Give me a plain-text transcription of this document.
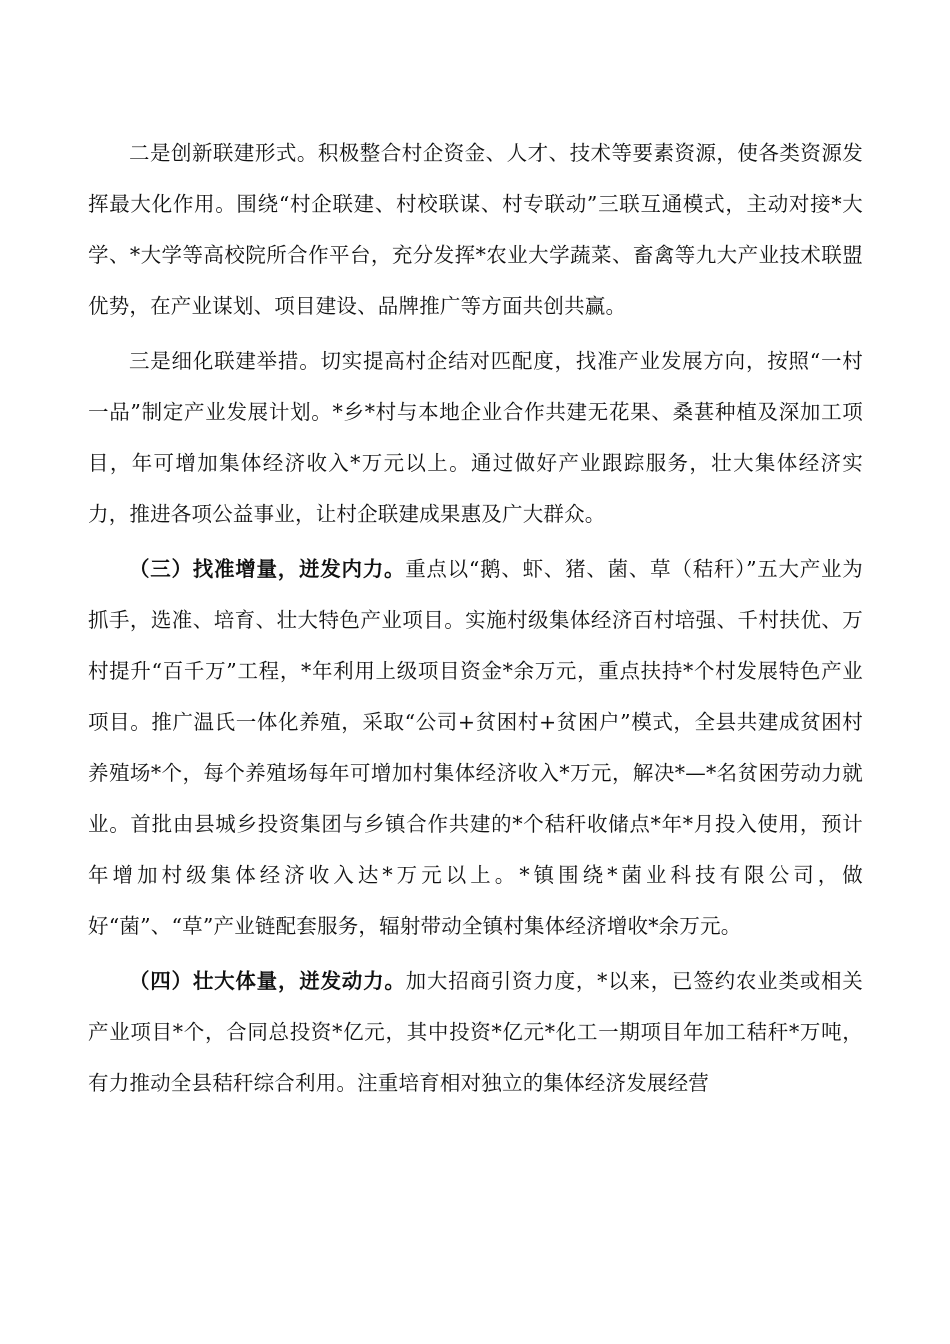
二是创新联建形式。积极整合村企资金、人才、技术等要素资源，使各类资源发挥最大化作用。围绕“村企联建、村校联谋、村专联动”三联互通模式，主动对接*大学、*大学等高校院所合作平台，充分发挥*农业大学蔬菜、畜禽等九大产业技术联盟优势，在产业谋划、项目建设、品牌推广等方面共创共赢。

三是细化联建举措。切实提高村企结对匹配度，找准产业发展方向，按照“一村一品”制定产业发展计划。*乡*村与本地企业合作共建无花果、桑葚种植及深加工项目，年可增加集体经济收入*万元以上。通过做好产业跟踪服务，壮大集体经济实力，推进各项公益事业，让村企联建成果惠及广大群众。

（三）找准增量，迸发内力。重点以“鹅、虾、猪、菌、草（秸秆）”五大产业为抓手，选准、培育、壮大特色产业项目。实施村级集体经济百村培强、千村扶优、万村提升“百千万”工程，*年利用上级项目资金*余万元，重点扶持*个村发展特色产业项目。推广温氏一体化养殖，采取“公司+贫困村+贫困户”模式，全县共建成贫困村养殖场*个，每个养殖场每年可增加村集体经济收入*万元，解决*—*名贫困劳动力就业。首批由县城乡投资集团与乡镇合作共建的*个秸秆收储点*年*月投入使用，预计年增加村级集体经济收入达*万元以上。*镇围绕*菌业科技有限公司，做好“菌”、“草”产业链配套服务，辐射带动全镇村集体经济增收*余万元。

（四）壮大体量，迸发动力。加大招商引资力度，*以来，已签约农业类或相关产业项目*个，合同总投资*亿元，其中投资*亿元*化工一期项目年加工秸秆*万吨，有力推动全县秸秆综合利用。注重培育相对独立的集体经济发展经营
